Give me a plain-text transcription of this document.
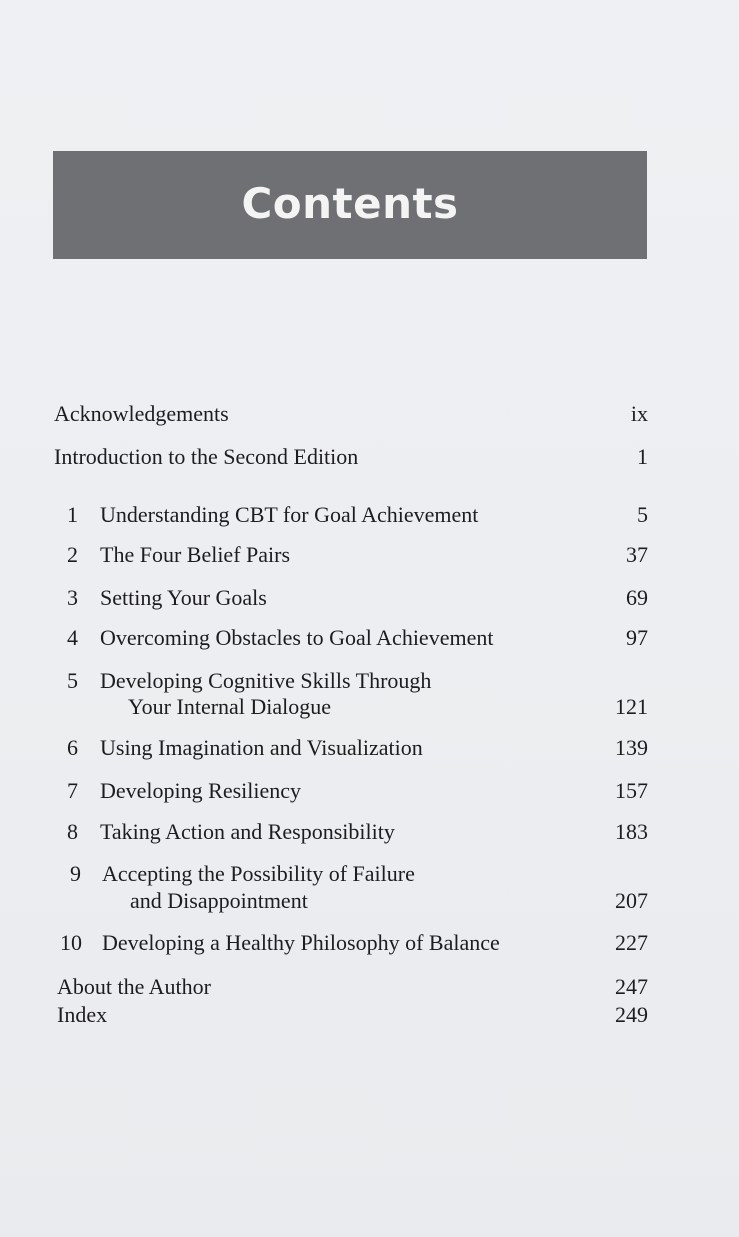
Contents
Acknowledgements	ix
Introduction to the Second Edition	1
1 Understanding CBT for Goal Achievement	5
2 The Four Belief Pairs	37
3 Setting Your Goals	69
4 Overcoming Obstacles to Goal Achievement	97
5 Developing Cognitive Skills Through
Your Internal Dialogue	121
6 Using Imagination and Visualization	139
7 Developing Resiliency	157
8 Taking Action and Responsibility	183
9 Accepting the Possibility of Failure
and Disappointment	207
10 Developing a Healthy Philosophy of Balance	227
About the Author	247
Index	249
